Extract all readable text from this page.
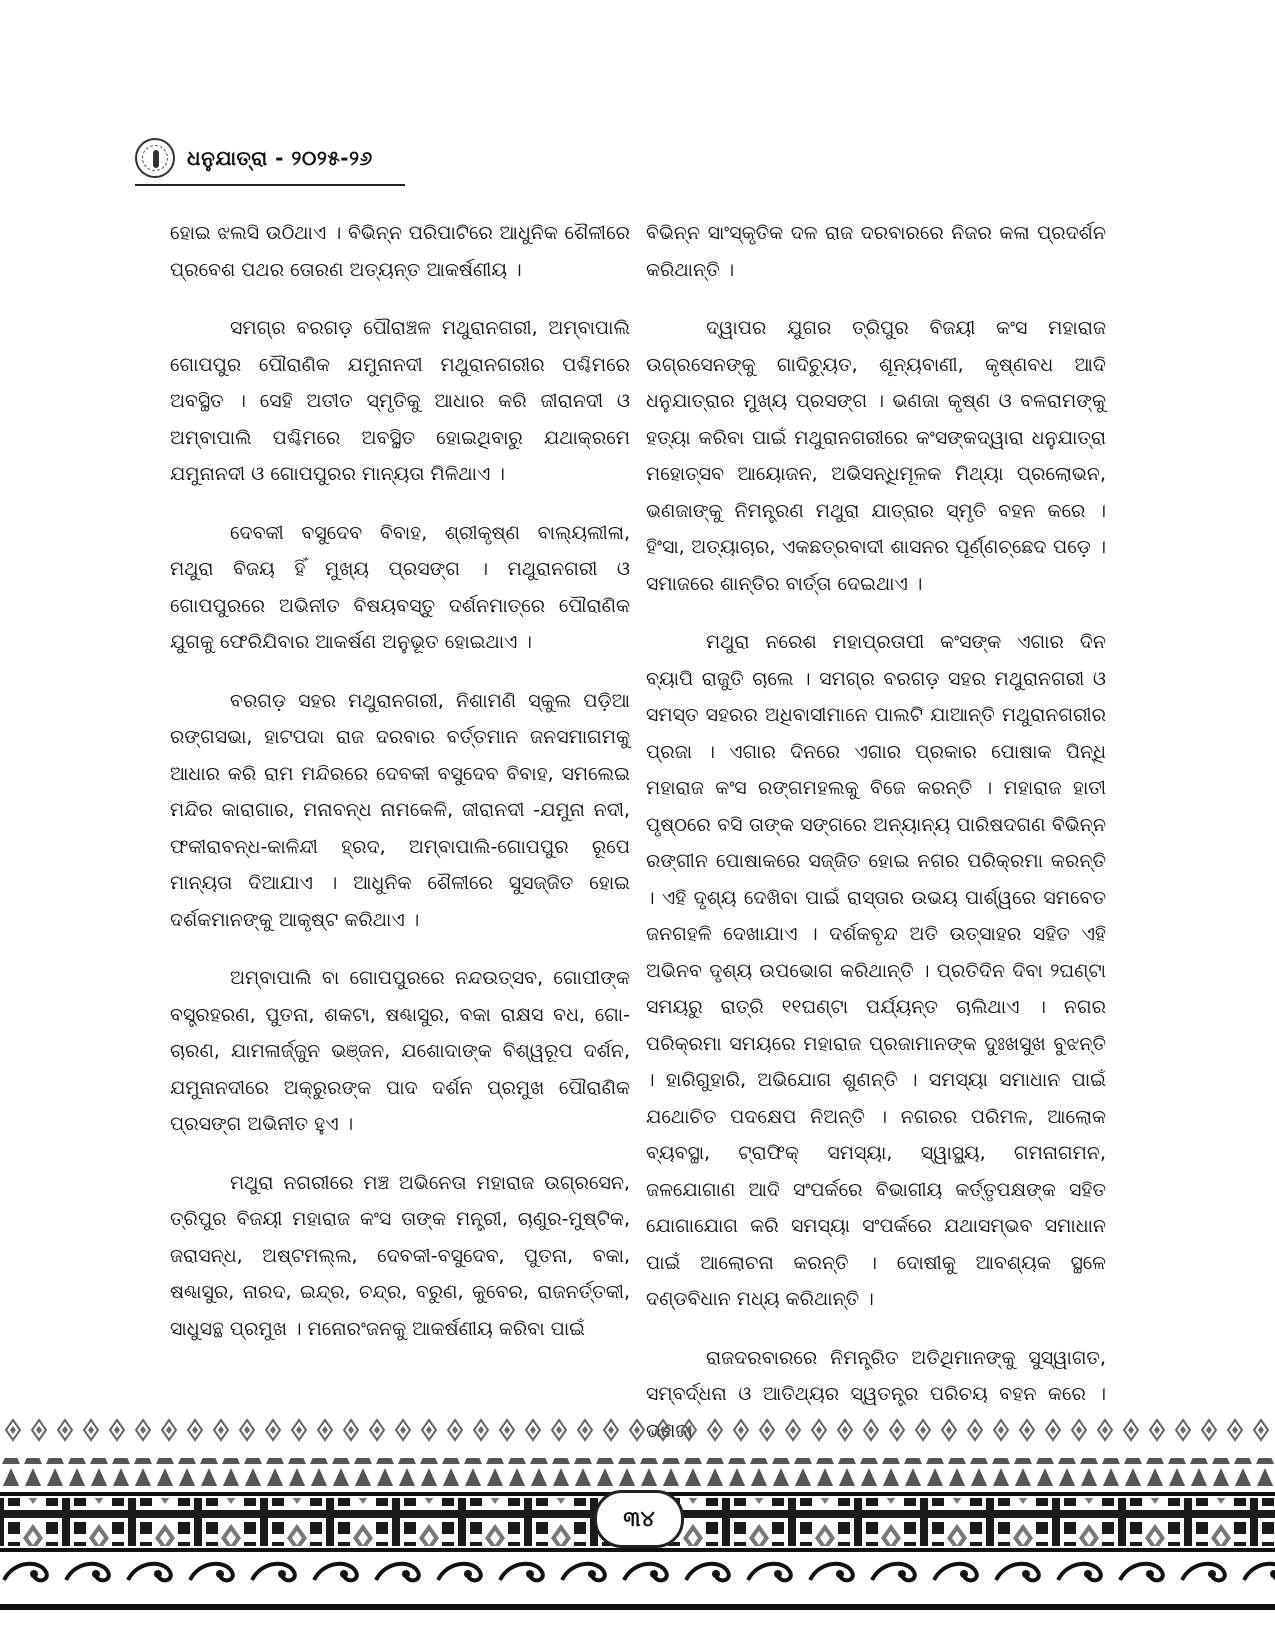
ଧନୁଯାତ୍ରା - ୨୦୨୫-୨୬

ହୋଇ ଝଲସି ଉଠିଥାଏ । ବିଭିନ୍ନ ପରିପାଟିରେ ଆଧୁନିକ ଶୈଳୀରେ ପ୍ରବେଶ ପଥର ତୋରଣ ଅତ୍ୟନ୍ତ ଆକର୍ଷଣୀୟ ।

ସମଗ୍ର ବରଗଡ଼ ପୌରାଞ୍ଚଳ ମଥୁରାନଗରୀ, ଅମ୍ବାପାଲି ଗୋପପୁର ପୌରାଣିକ ଯମୁନାନଦୀ ମଥୁରାନଗରୀର ପଶ୍ଚିମରେ ଅବସ୍ଥିତ । ସେହି ଅତୀତ ସ୍ମୃତିକୁ ଆଧାର କରି ଜୀରାନଦୀ ଓ ଅମ୍ବାପାଲି ପଶ୍ଚିମରେ ଅବସ୍ଥିତ ହୋଇଥିବାରୁ ଯଥାକ୍ରମେ ଯମୁନାନଦୀ ଓ ଗୋପପୁରର ମାନ୍ୟତା ମିଳିଥାଏ ।

ଦେବକୀ ବସୁଦେବ ବିବାହ, ଶ୍ରୀକୃଷ୍ଣ ବାଲ୍ୟଲୀଳା, ମଥୁରା ବିଜୟ ହିଁ ମୁଖ୍ୟ ପ୍ରସଙ୍ଗ । ମଥୁରାନଗରୀ ଓ ଗୋପପୁରରେ ଅଭିନୀତ ବିଷୟବସ୍ତୁ ଦର୍ଶନମାତ୍ରେ ପୌରାଣିକ ଯୁଗକୁ ଫେରିଯିବାର ଆକର୍ଷଣ ଅନୁଭୂତ ହୋଇଥାଏ ।

ବରଗଡ଼ ସହର ମଥୁରାନଗରୀ, ନିଶାମଣି ସ୍କୁଲ ପଡ଼ିଆ ରଙ୍ଗସଭା, ହାଟପଦା ରାଜ ଦରବାର ବର୍ତ୍ତମାନ ଜନସମାଗମକୁ ଆଧାର କରି ରାମ ମନ୍ଦିରରେ ଦେବକୀ ବସୁଦେବ ବିବାହ, ସମଲେଇ ମନ୍ଦିର କାରାଗାର, ମନାବନ୍ଧ ନାମକେଳି, ଜୀରାନଦୀ -ଯମୁନା ନଦୀ, ଫକୀରାବନ୍ଧ-କାଳିନ୍ଦୀ ହ୍ରଦ, ଅମ୍ବାପାଲି-ଗୋପପୁର ରୂପେ ମାନ୍ୟତା ଦିଆଯାଏ । ଆଧୁନିକ ଶୈଳୀରେ ସୁସଜ୍ଜିତ ହୋଇ ଦର୍ଶକମାନଙ୍କୁ ଆକୃଷ୍ଟ କରିଥାଏ ।

ଅମ୍ବାପାଲି ବା ଗୋପପୁରରେ ନନ୍ଦଉତ୍ସବ, ଗୋପୀଙ୍କ ବସ୍ତ୍ରହରଣ, ପୁତନା, ଶକଟା, ଷଣ୍ଢାସୁର, ବକା ରାକ୍ଷସ ବଧ, ଗୋ-ଚାରଣ, ଯାମଳାର୍ଜ୍ଜୁନ ଭଞ୍ଜନ, ଯଶୋଦାଙ୍କ ବିଶ୍ୱରୂପ ଦର୍ଶନ, ଯମୁନାନଦୀରେ ଅକ୍ରୁରଙ୍କ ପାଦ ଦର୍ଶନ ପ୍ରମୁଖ ପୌରାଣିକ ପ୍ରସଙ୍ଗ ଅଭିନୀତ ହୁଏ ।

ମଥୁରା ନଗରୀରେ ମଞ୍ଚ ଅଭିନେତା ମହାରାଜ ଉଗ୍ରସେନ, ତ୍ରିପୁର ବିଜୟୀ ମହାରାଜ କଂସ ତାଙ୍କ ମନ୍ତ୍ରୀ, ଚାଣୁର-ମୁଷ୍ଟିକ, ଜରାସନ୍ଧ, ଅଷ୍ଟମଲ୍ଲ, ଦେବକୀ-ବସୁଦେବ, ପୁତନା, ବକା, ଷଣ୍ଢାସୁର, ନାରଦ, ଇନ୍ଦ୍ର, ଚନ୍ଦ୍ର, ବରୁଣ, କୁବେର, ରାଜନର୍ତ୍ତକୀ, ସାଧୁସନ୍ଥ ପ୍ରମୁଖ । ମନୋରଂଜନକୁ ଆକର୍ଷଣୀୟ କରିବା ପାଇଁ

ବିଭିନ୍ନ ସାଂସ୍କୃତିକ ଦଳ ରାଜ ଦରବାରରେ ନିଜର କଳା ପ୍ରଦର୍ଶନ କରିଥାନ୍ତି ।

ଦ୍ୱାପର ଯୁଗର ତ୍ରିପୁର ବିଜୟୀ କଂସ ମହାରାଜ ଉଗ୍ରସେନଙ୍କୁ ଗାଦିଚ୍ୟୁତ, ଶୂନ୍ୟବାଣୀ, କୃଷ୍ଣବଧ ଆଦି ଧନୁଯାତ୍ରାର ମୁଖ୍ୟ ପ୍ରସଙ୍ଗ । ଭଣଜା କୃଷ୍ଣ ଓ ବଳରାମଙ୍କୁ ହତ୍ୟା କରିବା ପାଇଁ ମଥୁରାନଗରୀରେ କଂସଙ୍କଦ୍ୱାରା ଧନୁଯାତ୍ରା ମହୋତ୍ସବ ଆୟୋଜନ, ଅଭିସନ୍ଧିମୂଳକ ମିଥ୍ୟା ପ୍ରଲୋଭନ, ଭଣଜାଙ୍କୁ ନିମନ୍ତ୍ରଣ ମଥୁରା ଯାତ୍ରାର ସ୍ମୃତି ବହନ କରେ । ହିଂସା, ଅତ୍ୟାଚାର, ଏକଛତ୍ରବାଦୀ ଶାସନର ପୂର୍ଣ୍ଣଚ୍ଛେଦ ପଡ଼େ । ସମାଜରେ ଶାନ୍ତିର ବାର୍ତ୍ତା ଦେଇଥାଏ ।

ମଥୁରା ନରେଶ ମହାପ୍ରତାପୀ କଂସଙ୍କ ଏଗାର ଦିନ ବ୍ୟାପି ରାଜୁତି ଚାଲେ । ସମଗ୍ର ବରଗଡ଼ ସହର ମଥୁରାନଗରୀ ଓ ସମସ୍ତ ସହରର ଅଧିବାସୀମାନେ ପାଲଟି ଯାଆନ୍ତି ମଥୁରାନଗରୀର ପ୍ରଜା । ଏଗାର ଦିନରେ ଏଗାର ପ୍ରକାର ପୋଷାକ ପିନ୍ଧି ମହାରାଜ କଂସ ରଙ୍ଗମହଲକୁ ବିଜେ କରନ୍ତି । ମହାରାଜ ହାତୀ ପୃଷ୍ଠରେ ବସି ତାଙ୍କ ସଙ୍ଗରେ ଅନ୍ୟାନ୍ୟ ପାରିଷଦଗଣ ବିଭିନ୍ନ ରଙ୍ଗୀନ ପୋଷାକରେ ସଜ୍ଜିତ ହୋଇ ନଗର ପରିକ୍ରମା କରନ୍ତି । ଏହି ଦୃଶ୍ୟ ଦେଖିବା ପାଇଁ ରାସ୍ତାର ଉଭୟ ପାର୍ଶ୍ୱରେ ସମବେତ ଜନଗହଳି ଦେଖାଯାଏ । ଦର୍ଶକବୃନ୍ଦ ଅତି ଉତ୍ସାହର ସହିତ ଏହି ଅଭିନବ ଦୃଶ୍ୟ ଉପଭୋଗ କରିଥାନ୍ତି । ପ୍ରତିଦିନ ଦିବା ୨ଘଣ୍ଟା ସମୟରୁ ରାତ୍ରି ୧୧ଘଣ୍ଟା ପର୍ଯ୍ୟନ୍ତ ଚାଲିଥାଏ । ନଗର ପରିକ୍ରମା ସମୟରେ ମହାରାଜ ପ୍ରଜାମାନଙ୍କ ଦୁଃଖସୁଖ ବୁଝନ୍ତି । ହାରିଗୁହାରି, ଅଭିଯୋଗ ଶୁଣନ୍ତି । ସମସ୍ୟା ସମାଧାନ ପାଇଁ ଯଥୋଚିତ ପଦକ୍ଷେପ ନିଅନ୍ତି । ନଗରର ପରିମଳ, ଆଲୋକ ବ୍ୟବସ୍ଥା, ଟ୍ରାଫିକ୍ ସମସ୍ୟା, ସ୍ୱାସ୍ଥ୍ୟ, ଗମନାଗମନ, ଜଳଯୋଗାଣ ଆଦି ସଂପର୍କରେ ବିଭାଗୀୟ କର୍ତ୍ତୃପକ୍ଷଙ୍କ ସହିତ ଯୋଗାଯୋଗ କରି ସମସ୍ୟା ସଂପର୍କରେ ଯଥାସମ୍ଭବ ସମାଧାନ ପାଇଁ ଆଲୋଚନା କରନ୍ତି । ଦୋଷୀକୁ ଆବଶ୍ୟକ ସ୍ଥଳେ ଦଣ୍ଡବିଧାନ ମଧ୍ୟ କରିଥାନ୍ତି ।

ରାଜଦରବାରରେ ନିମନ୍ତ୍ରିତ ଅତିଥିମାନଙ୍କୁ ସୁସ୍ୱାଗତ, ସମ୍ବର୍ଦ୍ଧନା ଓ ଆତିଥ୍ୟର ସ୍ୱତନ୍ତ୍ର ପରିଚୟ ବହନ କରେ ।

୩୪
